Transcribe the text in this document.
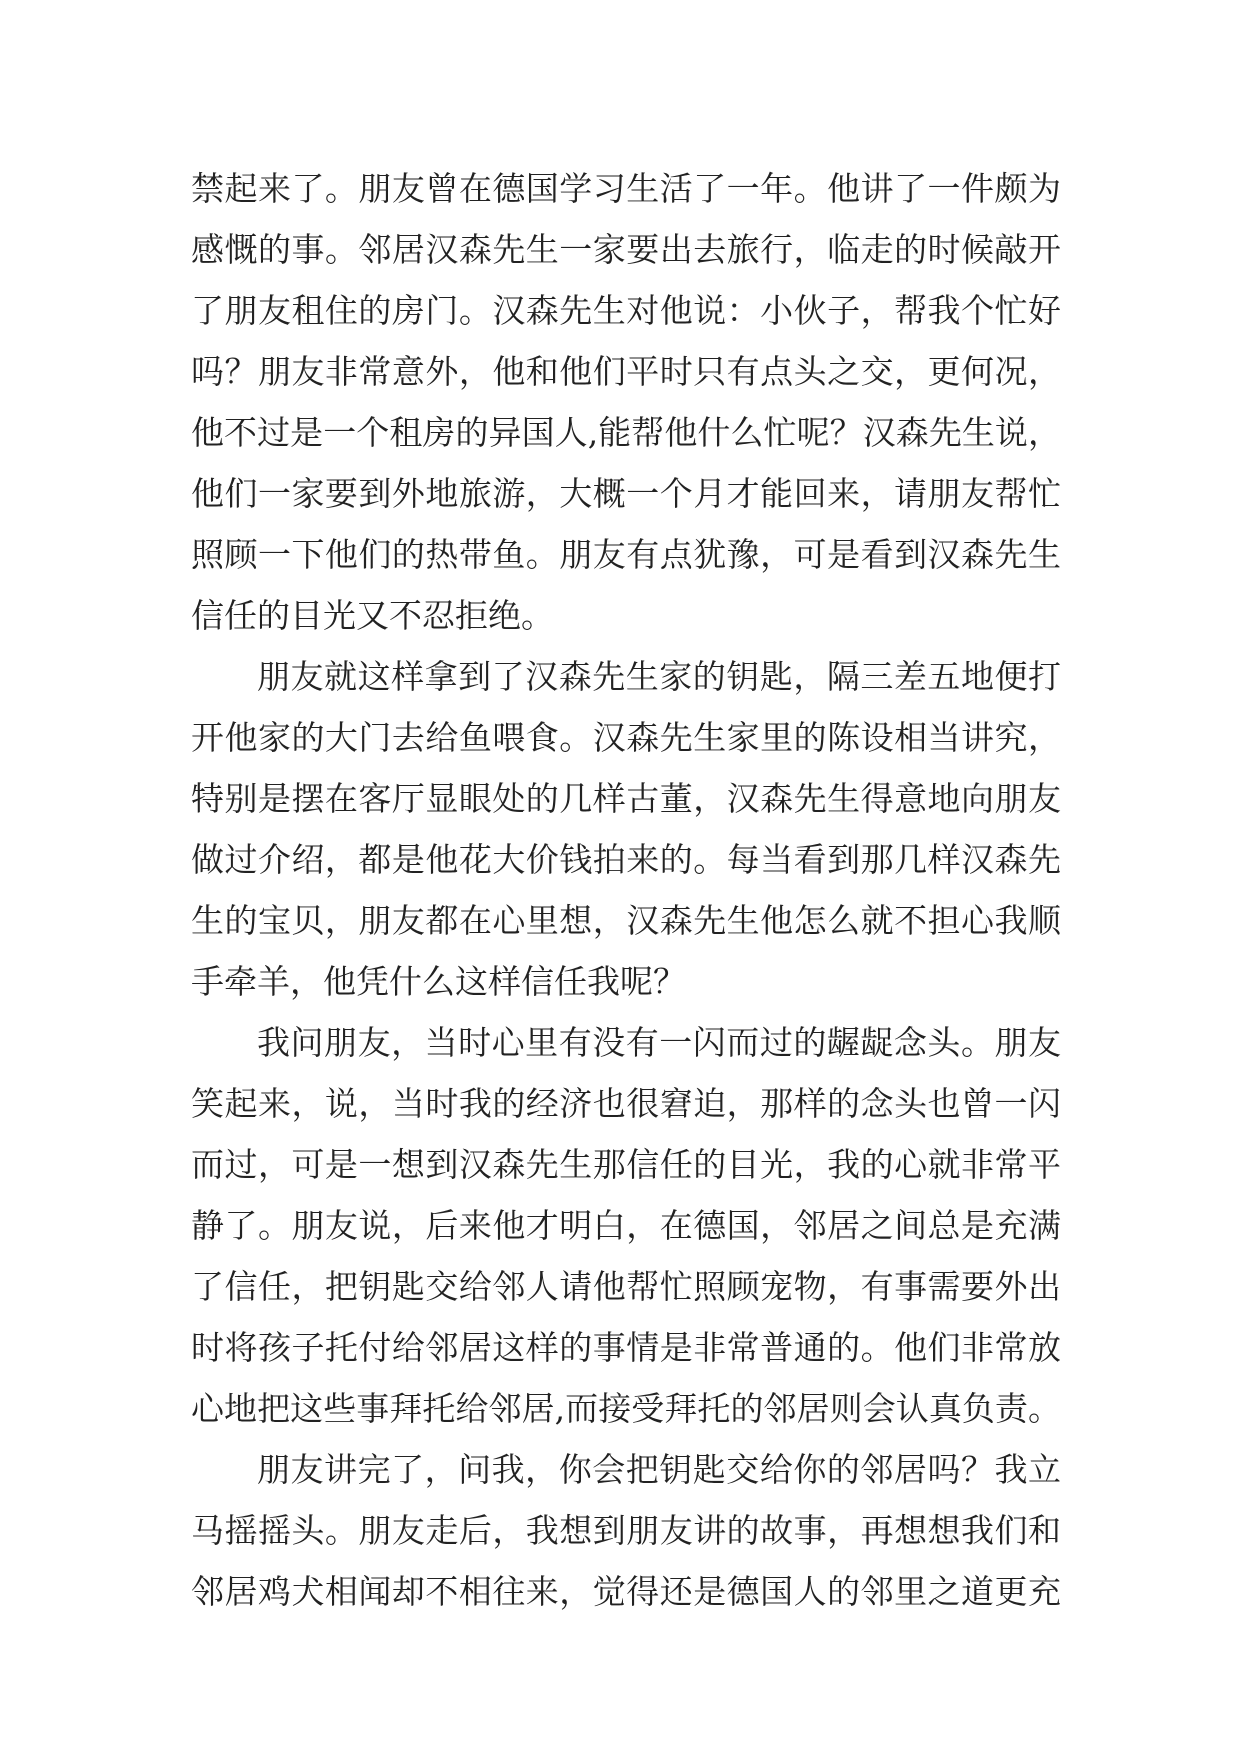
禁起来了。朋友曾在德国学习生活了一年。他讲了一件颇为
感慨的事。邻居汉森先生一家要出去旅行，临走的时候敲开
了朋友租住的房门。汉森先生对他说：小伙子，帮我个忙好
吗？朋友非常意外，他和他们平时只有点头之交，更何况，
他不过是一个租房的异国人,能帮他什么忙呢？汉森先生说，
他们一家要到外地旅游，大概一个月才能回来，请朋友帮忙
照顾一下他们的热带鱼。朋友有点犹豫，可是看到汉森先生
信任的目光又不忍拒绝。
朋友就这样拿到了汉森先生家的钥匙，隔三差五地便打
开他家的大门去给鱼喂食。汉森先生家里的陈设相当讲究，
特别是摆在客厅显眼处的几样古董，汉森先生得意地向朋友
做过介绍，都是他花大价钱拍来的。每当看到那几样汉森先
生的宝贝，朋友都在心里想，汉森先生他怎么就不担心我顺
手牵羊，他凭什么这样信任我呢？
我问朋友，当时心里有没有一闪而过的龌龊念头。朋友
笑起来，说，当时我的经济也很窘迫，那样的念头也曾一闪
而过，可是一想到汉森先生那信任的目光，我的心就非常平
静了。朋友说，后来他才明白，在德国，邻居之间总是充满
了信任，把钥匙交给邻人请他帮忙照顾宠物，有事需要外出
时将孩子托付给邻居这样的事情是非常普通的。他们非常放
心地把这些事拜托给邻居,而接受拜托的邻居则会认真负责。
朋友讲完了，问我，你会把钥匙交给你的邻居吗？我立
马摇摇头。朋友走后，我想到朋友讲的故事，再想想我们和
邻居鸡犬相闻却不相往来，觉得还是德国人的邻里之道更充
